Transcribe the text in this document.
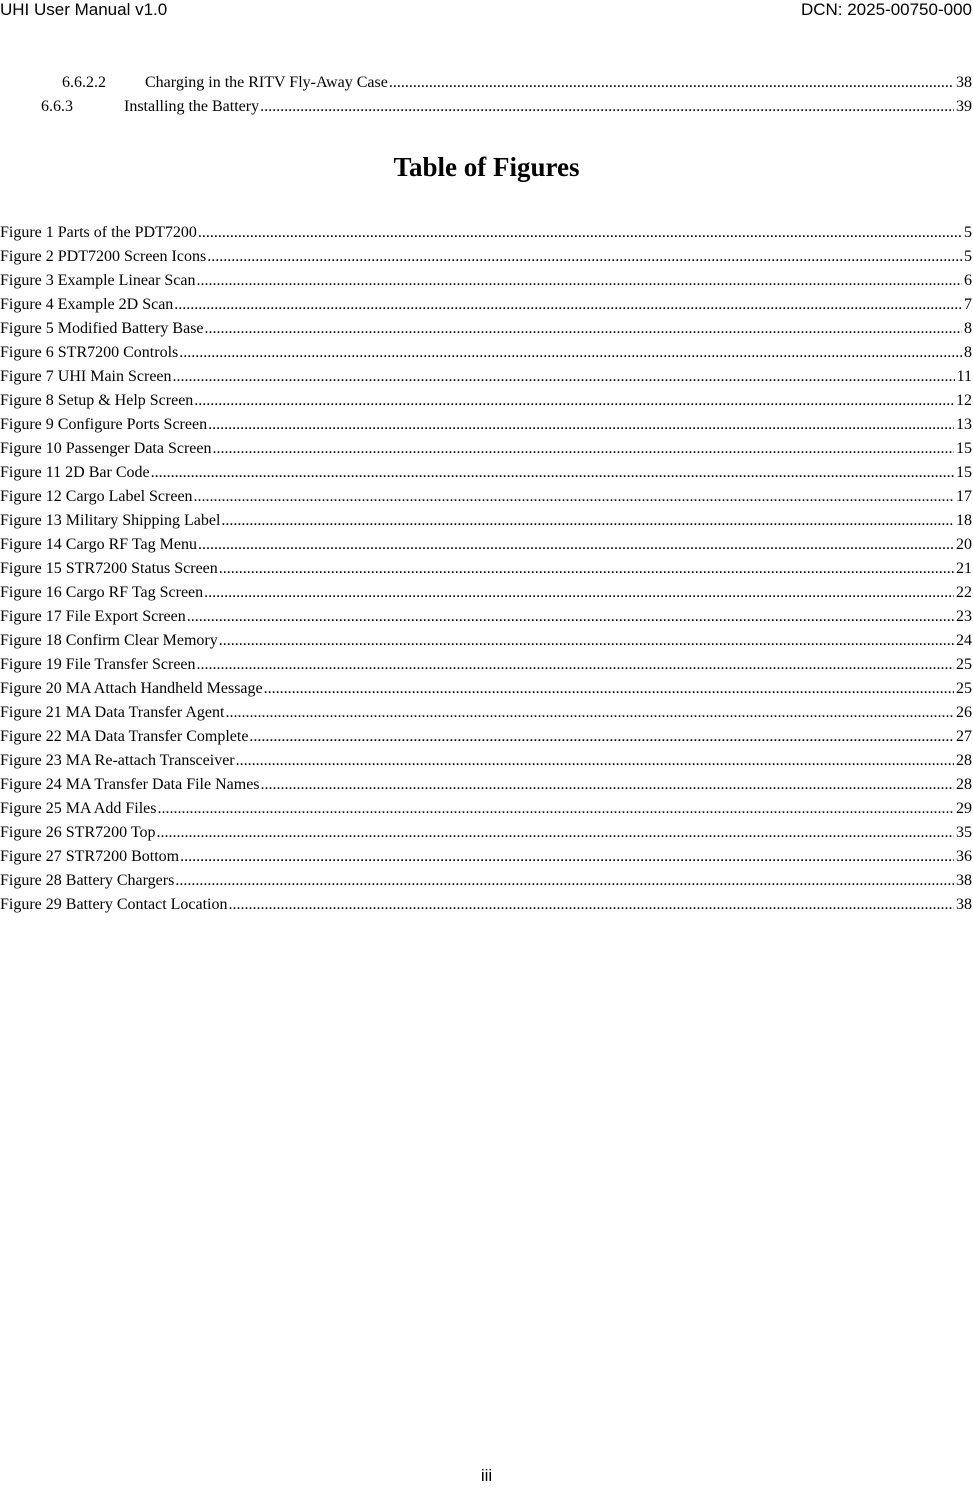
UHI User Manual v1.0	DCN: 2025-00750-000
6.6.2.2	Charging in the RITV Fly-Away Case .....	38
6.6.3	Installing the Battery .....	39
Table of Figures
Figure 1 Parts of the PDT7200 .....	5
Figure 2 PDT7200 Screen Icons .....	5
Figure 3 Example Linear Scan .....	6
Figure 4 Example 2D Scan .....	7
Figure 5 Modified Battery Base .....	8
Figure 6 STR7200 Controls .....	8
Figure 7 UHI Main Screen .....	11
Figure 8 Setup & Help Screen .....	12
Figure 9 Configure Ports Screen .....	13
Figure 10 Passenger Data Screen .....	15
Figure 11 2D Bar Code .....	15
Figure 12 Cargo Label Screen .....	17
Figure 13 Military Shipping Label .....	18
Figure 14 Cargo RF Tag Menu .....	20
Figure 15 STR7200 Status Screen .....	21
Figure 16 Cargo RF Tag Screen .....	22
Figure 17 File Export Screen .....	23
Figure 18 Confirm Clear Memory .....	24
Figure 19 File Transfer Screen .....	25
Figure 20 MA Attach Handheld Message .....	25
Figure 21 MA Data Transfer Agent .....	26
Figure 22 MA Data Transfer Complete .....	27
Figure 23 MA Re-attach Transceiver .....	28
Figure 24 MA Transfer Data File Names .....	28
Figure 25 MA Add Files .....	29
Figure 26 STR7200 Top .....	35
Figure 27 STR7200 Bottom .....	36
Figure 28 Battery Chargers .....	38
Figure 29 Battery Contact Location .....	38
iii
